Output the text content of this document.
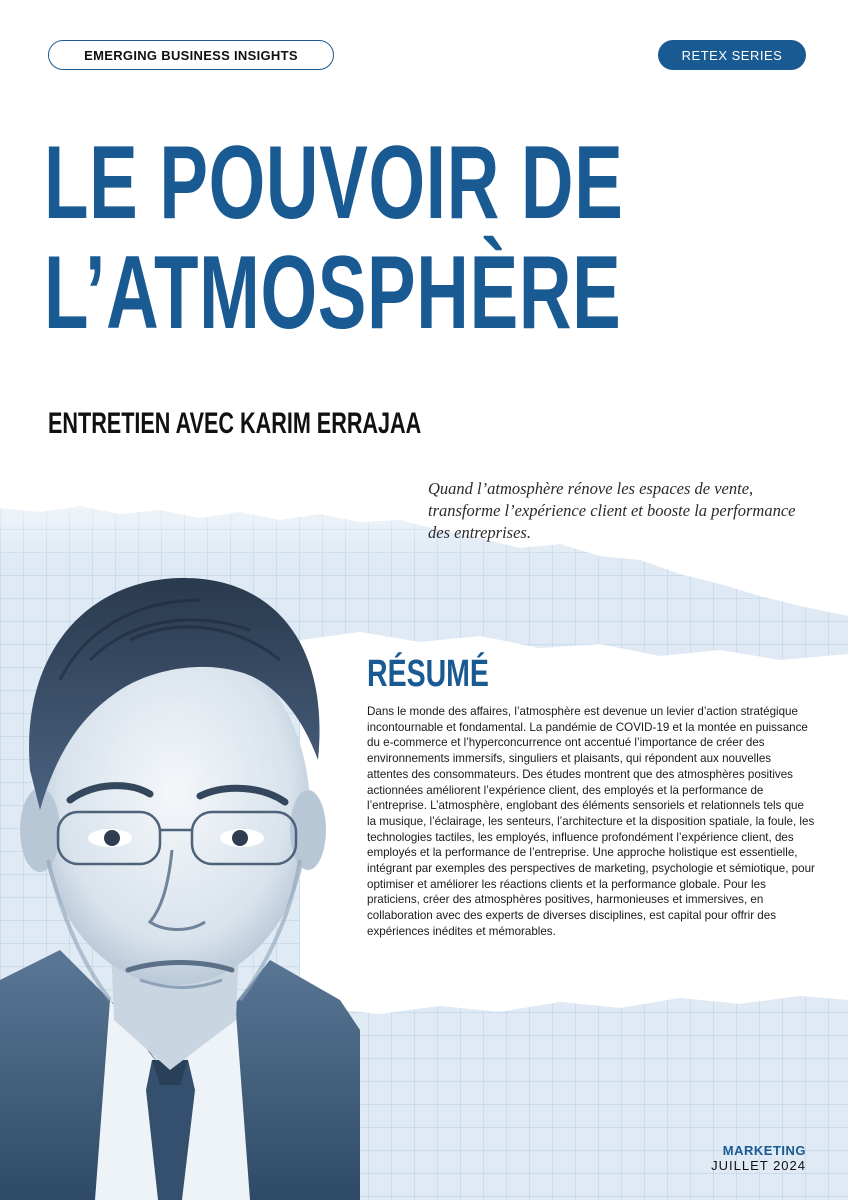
EMERGING BUSINESS INSIGHTS	RETEX SERIES
LE POUVOIR DE
L’ATMOSPHÈRE
ENTRETIEN AVEC KARIM ERRAJAA

Quand l’atmosphère rénove les espaces de vente, transforme l’expérience client et booste la performance des entreprises.

RÉSUMÉ

Dans le monde des affaires, l’atmosphère est devenue un levier d’action stratégique incontournable et fondamental. La pandémie de COVID-19 et la montée en puissance du e-commerce et l’hyperconcurrence ont accentué l’importance de créer des environnements immersifs, singuliers et plaisants, qui répondent aux nouvelles attentes des consommateurs. Des études montrent que des atmosphères positives actionnées améliorent l’expérience client, des employés et la performance de l’entreprise. L’atmosphère, englobant des éléments sensoriels et relationnels tels que la musique, l’éclairage, les senteurs, l’architecture et la disposition spatiale, la foule, les technologies tactiles, les employés, influence profondément l’expérience client, des employés et la performance de l’entreprise. Une approche holistique est essentielle, intégrant par exemples des perspectives de marketing, psychologie et sémiotique, pour optimiser et améliorer les réactions clients et la performance globale. Pour les praticiens, créer des atmosphères positives, harmonieuses et immersives, en collaboration avec des experts de diverses disciplines, est capital pour offrir des expériences inédites et mémorables.

MARKETING
JUILLET 2024
